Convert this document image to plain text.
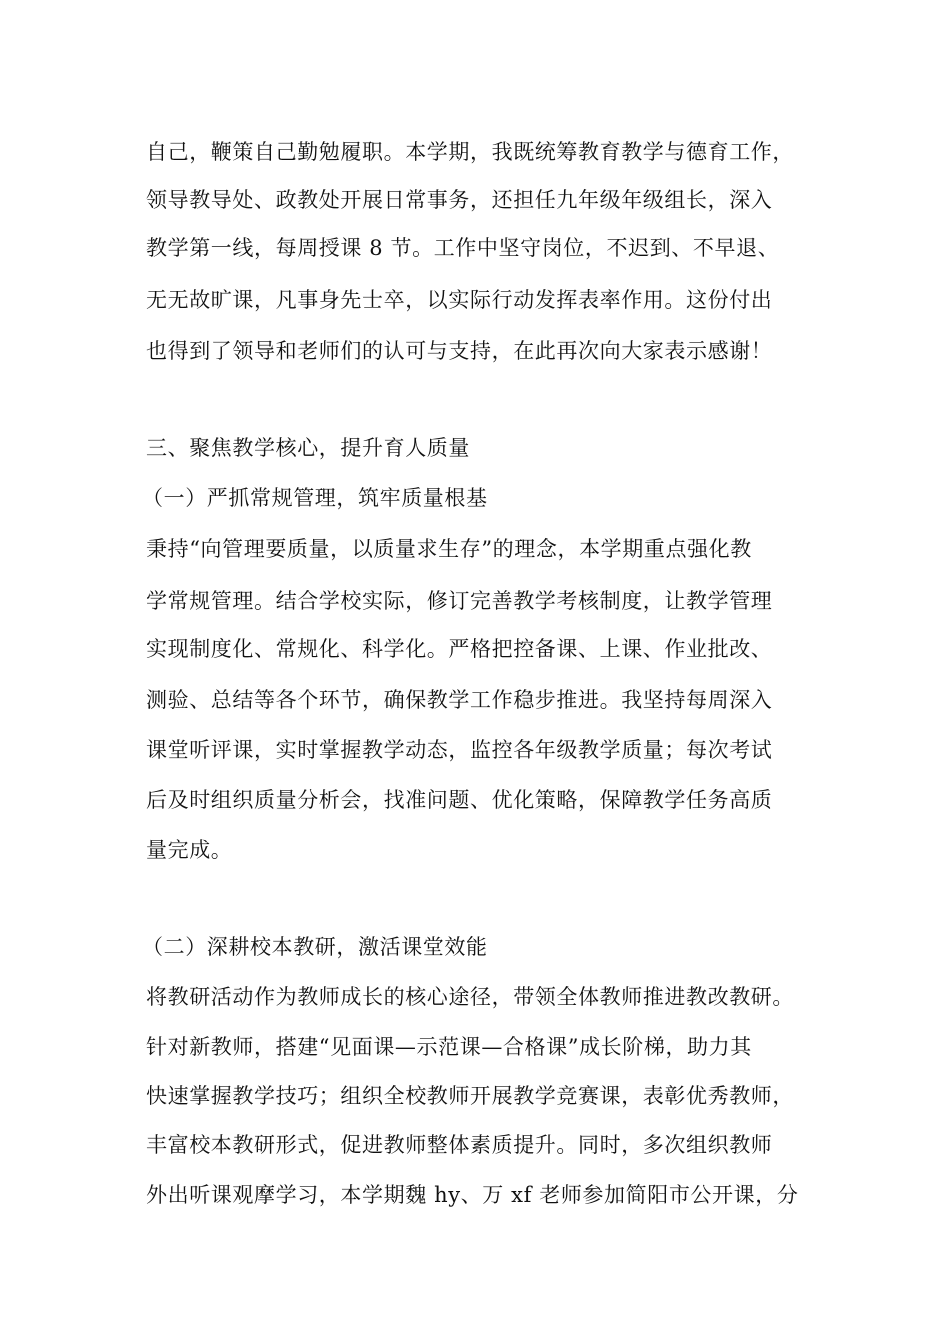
自己，鞭策自己勤勉履职。本学期，我既统筹教育教学与德育工作，
领导教导处、政教处开展日常事务，还担任九年级年级组长，深入
教学第一线，每周授课 8 节。工作中坚守岗位，不迟到、不早退、
无无故旷课，凡事身先士卒，以实际行动发挥表率作用。这份付出
也得到了领导和老师们的认可与支持，在此再次向大家表示感谢！
三、聚焦教学核心，提升育人质量
（一）严抓常规管理，筑牢质量根基
秉持“向管理要质量，以质量求生存”的理念，本学期重点强化教
学常规管理。结合学校实际，修订完善教学考核制度，让教学管理
实现制度化、常规化、科学化。严格把控备课、上课、作业批改、
测验、总结等各个环节，确保教学工作稳步推进。我坚持每周深入
课堂听评课，实时掌握教学动态，监控各年级教学质量；每次考试
后及时组织质量分析会，找准问题、优化策略，保障教学任务高质
量完成。
（二）深耕校本教研，激活课堂效能
将教研活动作为教师成长的核心途径，带领全体教师推进教改教研。
针对新教师，搭建“见面课—示范课—合格课”成长阶梯，助力其
快速掌握教学技巧；组织全校教师开展教学竞赛课，表彰优秀教师，
丰富校本教研形式，促进教师整体素质提升。同时，多次组织教师
外出听课观摩学习，本学期魏 hy、万 xf 老师参加简阳市公开课，分
